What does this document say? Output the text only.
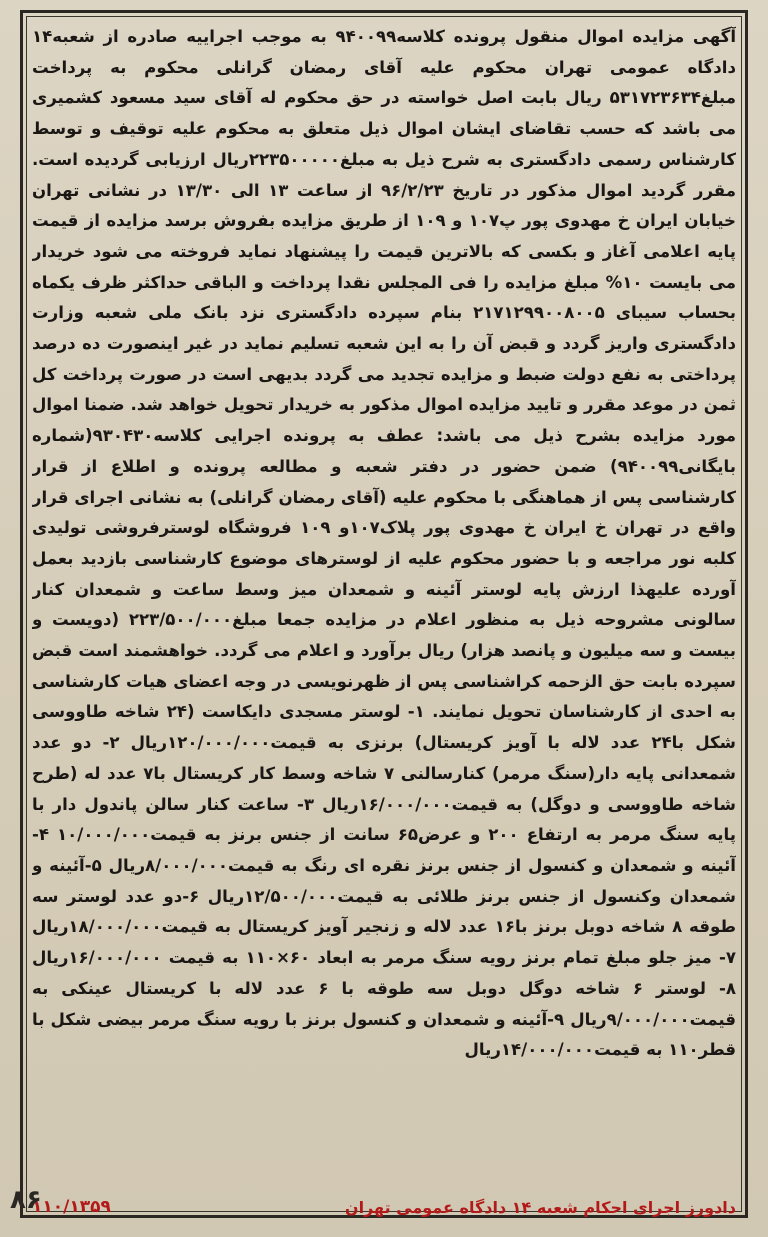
آگهی مزایده اموال منقول پرونده کلاسه۹۴۰۰۹۹ به موجب اجراییه صادره از شعبه۱۴ دادگاه عمومی تهران محکوم علیه آقای رمضان گرانلی محکوم به پرداخت مبلغ۵۳۱۷۲۳۶۳۴ ریال بابت اصل خواسته در حق محکوم له آقای سید مسعود کشمیری می باشد که حسب تقاضای ایشان اموال ذیل متعلق به محکوم علیه توقیف و توسط کارشناس رسمی دادگستری به شرح ذیل به مبلغ۲۲۳۵۰۰۰۰۰ریال ارزیابی گردیده است. مقرر گردید اموال مذکور در تاریخ ۹۶/۲/۲۳ از ساعت ۱۳ الی ۱۳/۳۰ در نشانی تهران خیابان ایران خ مهدوی پور پ۱۰۷ و ۱۰۹ از طریق مزایده بفروش برسد مزایده از قیمت پایه اعلامی آغاز و بکسی که بالاترین قیمت را پیشنهاد نماید فروخته می شود خریدار می بایست ۱۰% مبلغ مزایده را فی المجلس نقدا پرداخت و الباقی حداکثر ظرف یکماه بحساب سیبای ۲۱۷۱۲۹۹۰۰۸۰۰۵ بنام سپرده دادگستری نزد بانک ملی شعبه وزارت دادگستری واریز گردد و قبض آن را به این شعبه تسلیم نماید در غیر اینصورت ده درصد پرداختی به نفع دولت ضبط و مزایده تجدید می گردد بدیهی است در صورت پرداخت کل ثمن در موعد مقرر و تایید مزایده اموال مذکور به خریدار تحویل خواهد شد. ضمنا اموال مورد مزایده بشرح ذیل می باشد: عطف به پرونده اجرایی کلاسه۹۳۰۴۳۰(شماره بایگانی۹۴۰۰۹۹) ضمن حضور در دفتر شعبه و مطالعه پرونده و اطلاع از قرار کارشناسی پس از هماهنگی با محکوم علیه (آقای رمضان گرانلی) به نشانی اجرای قرار واقع در تهران خ ایران خ مهدوی پور پلاک۱۰۷و ۱۰۹ فروشگاه لوسترفروشی تولیدی کلبه نور مراجعه و با حضور محکوم علیه از لوسترهای موضوع کارشناسی بازدید بعمل آورده علیهذا ارزش پایه لوستر آئینه و شمعدان میز وسط ساعت و شمعدان کنار سالونی مشروحه ذیل به منظور اعلام در مزایده جمعا مبلغ۲۲۳/۵۰۰/۰۰۰ (دویست و بیست و سه میلیون و پانصد هزار) ریال برآورد و اعلام می گردد. خواهشمند است قبض سپرده بابت حق الزحمه کراشناسی پس از ظهرنویسی در وجه اعضای هیات کارشناسی به احدی از کارشناسان تحویل نمایند. ۱- لوستر مسجدی دایکاست (۲۴ شاخه طاووسی شکل با۲۴ عدد لاله با آویز کریستال) برنزی به قیمت۱۲۰/۰۰۰/۰۰۰ریال ۲- دو عدد شمعدانی پایه دار(سنگ مرمر) کنارسالنی ۷ شاخه وسط کار کریستال با۷ عدد له (طرح شاخه طاووسی و دوگل) به قیمت۱۶/۰۰۰/۰۰۰ریال ۳- ساعت کنار سالن پاندول دار با پایه سنگ مرمر به ارتفاع ۲۰۰ و عرض۶۵ سانت از جنس برنز به قیمت۱۰/۰۰۰/۰۰۰ ۴- آئینه و شمعدان و کنسول از جنس برنز نقره ای رنگ به قیمت۸/۰۰۰/۰۰۰ریال ۵-آئینه و شمعدان وکنسول از جنس برنز طلائی به قیمت۱۲/۵۰۰/۰۰۰ریال ۶-دو عدد لوستر سه طوقه ۸ شاخه دوبل برنز با۱۶ عدد لاله و زنجیر آویز کریستال به قیمت۱۸/۰۰۰/۰۰۰ریال ۷- میز جلو مبلغ تمام برنز رویه سنگ مرمر به ابعاد ۶۰×۱۱۰ به قیمت ۱۶/۰۰۰/۰۰۰ریال ۸- لوستر ۶ شاخه دوگل دوبل سه طوقه با ۶ عدد لاله با کریستال عینکی به قیمت۹/۰۰۰/۰۰۰ریال ۹-آئینه و شمعدان و کنسول برنز با رویه سنگ مرمر بیضی شکل با قطر۱۱۰ به قیمت۱۴/۰۰۰/۰۰۰ریال
دادورز اجرای احکام شعبه ۱۴ دادگاه عمومی تهران
۱۱۰/۱۳۵۹
۸۶
